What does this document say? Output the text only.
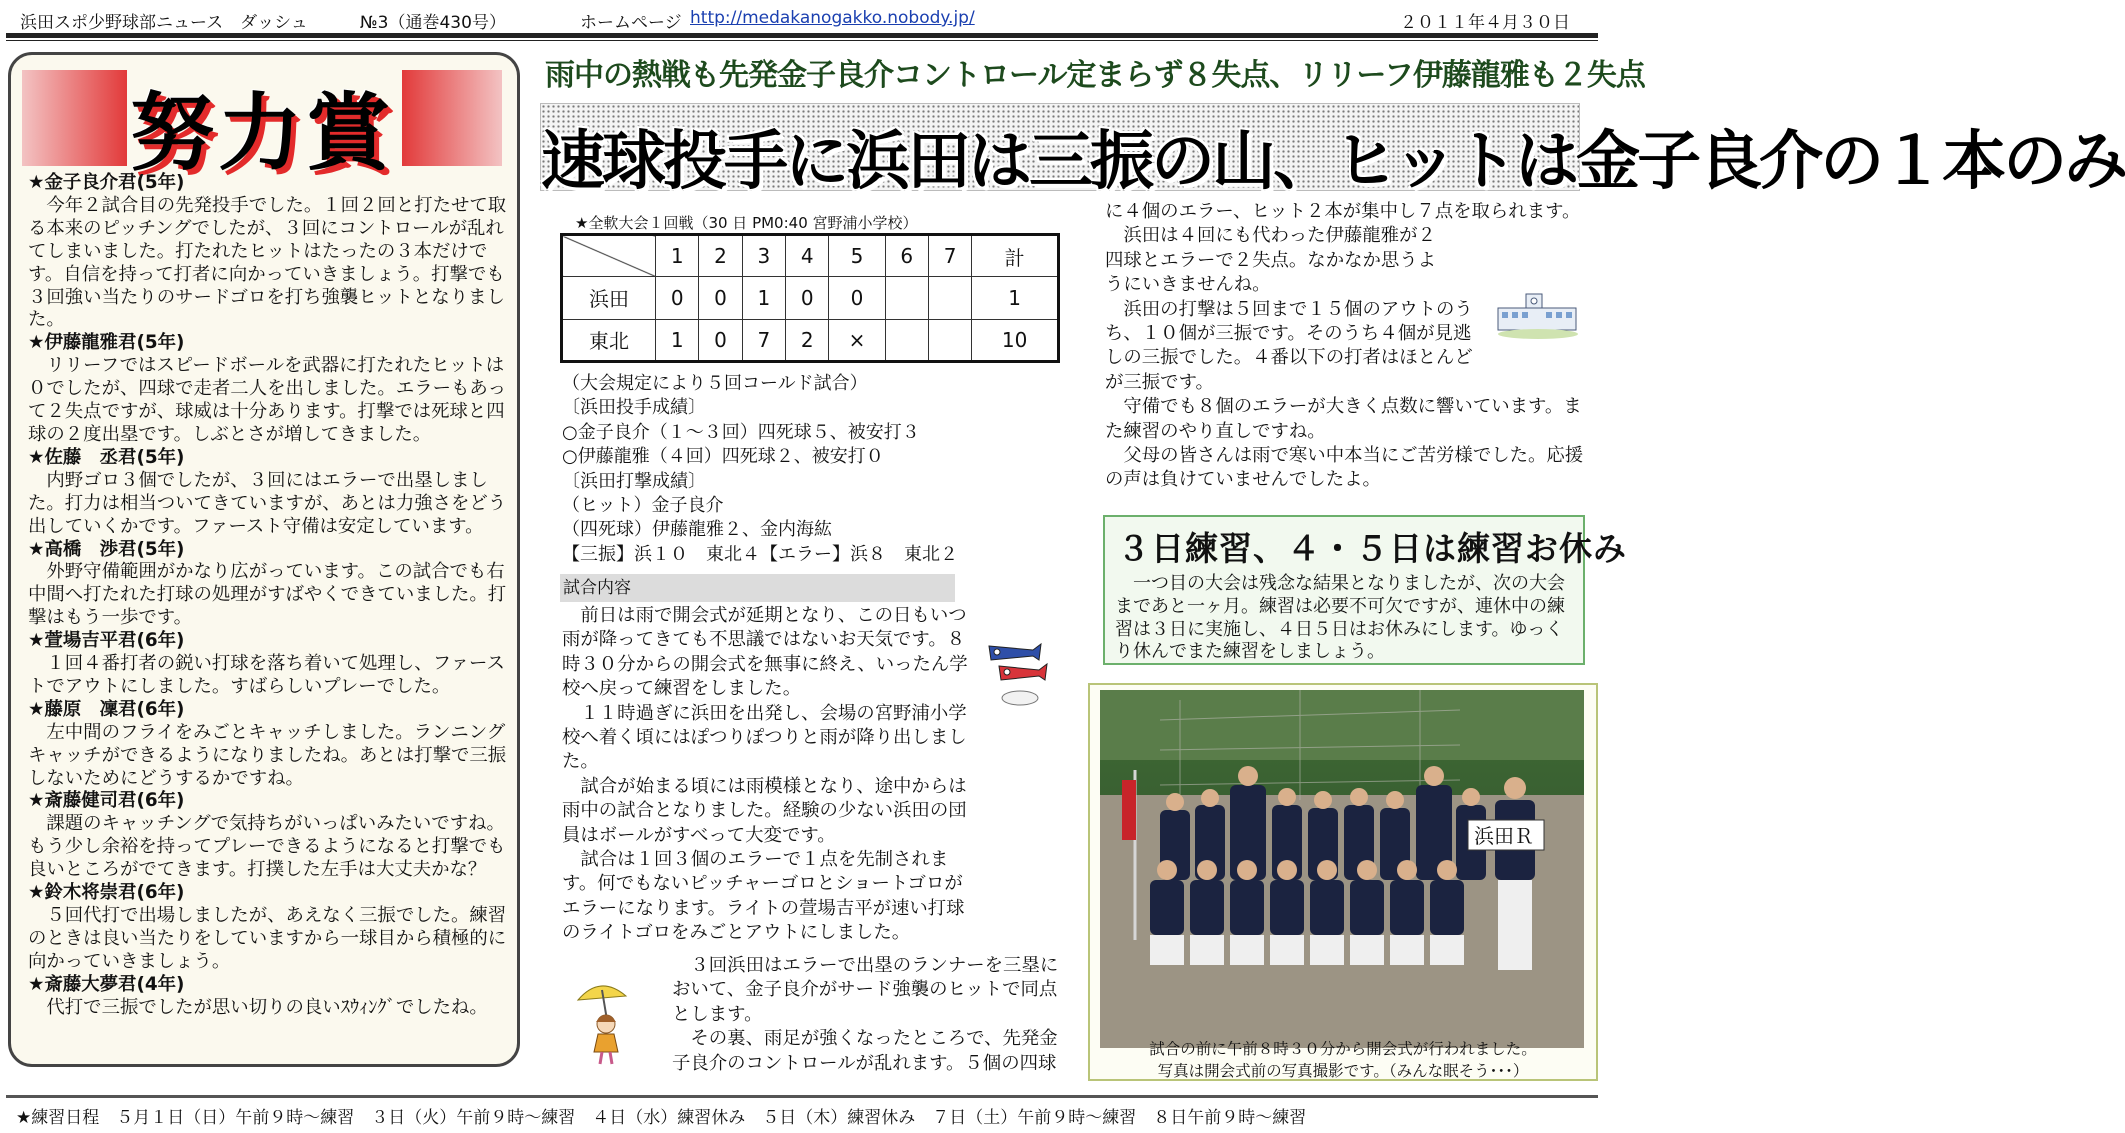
浜田スポ少野球部ニュース　ダッシュ	№3（通巻430号）	ホームページ http://medakanogakko.nobody.jp/	２０１１年４月３０日
努力賞
★金子良介君(5年)
今年２試合目の先発投手でした。１回２回と打たせて取る本来のピッチングでしたが、３回にコントロールが乱れてしまいました。打たれたヒットはたったの３本だけです。自信を持って打者に向かっていきましょう。打撃でも３回強い当たりのサードゴロを打ち強襲ヒットとなりました。
★伊藤龍雅君(5年)
リリーフではスピードボールを武器に打たれたヒットは０でしたが、四球で走者二人を出しました。エラーもあって２失点ですが、球威は十分あります。打撃では死球と四球の２度出塁です。しぶとさが増してきました。
★佐藤　丞君(5年)
内野ゴロ３個でしたが、３回にはエラーで出塁しました。打力は相当ついてきていますが、あとは力強さをどう出していくかです。ファースト守備は安定しています。
★高橋　渉君(5年)
外野守備範囲がかなり広がっています。この試合でも右中間へ打たれた打球の処理がすばやくできていました。打撃はもう一歩です。
★萱場吉平君(6年)
１回４番打者の鋭い打球を落ち着いて処理し、ファーストでアウトにしました。すばらしいプレーでした。
★藤原　凜君(6年)
左中間のフライをみごとキャッチしました。ランニングキャッチができるようになりましたね。あとは打撃で三振しないためにどうするかですね。
★斎藤健司君(6年)
課題のキャッチングで気持ちがいっぱいみたいですね。もう少し余裕を持ってプレーできるようになると打撃でも良いところがでてきます。打撲した左手は大丈夫かな？
★鈴木将崇君(6年)
５回代打で出場しましたが、あえなく三振でした。練習のときは良い当たりをしていますから一球目から積極的に向かっていきましょう。
★斎藤大夢君(4年)
代打で三振でしたが思い切りの良いｽｳｨﾝｸﾞでしたね。
雨中の熱戦も先発金子良介コントロール定まらず８失点、リリーフ伊藤龍雅も２失点
速球投手に浜田は三振の山、ヒットは金子良介の１本のみ
★全軟大会１回戦（30 日 PM0:40 宮野浦小学校）
	1	2	3	4	5	6	7	計
浜田	0	0	1	0	0			1
東北	1	0	7	2	×			10
（大会規定により５回コールド試合）
〔浜田投手成績〕
○金子良介（１～３回）四死球５、被安打３
○伊藤龍雅（４回）四死球２、被安打０
〔浜田打撃成績〕
（ヒット）金子良介
（四死球）伊藤龍雅２、金内海紘
【三振】浜１０　東北４【エラー】浜８　東北２
試合内容
前日は雨で開会式が延期となり、この日もいつ雨が降ってきても不思議ではないお天気です。８時３０分からの開会式を無事に終え、いったん学校へ戻って練習をしました。
１１時過ぎに浜田を出発し、会場の宮野浦小学校へ着く頃にはぽつりぽつりと雨が降り出しました。
試合が始まる頃には雨模様となり、途中からは雨中の試合となりました。経験の少ない浜田の団員はボールがすべって大変です。
試合は１回３個のエラーで１点を先制されます。何でもないピッチャーゴロとショートゴロがエラーになります。ライトの萱場吉平が速い打球のライトゴロをみごとアウトにしました。
３回浜田はエラーで出塁のランナーを三塁において、金子良介がサード強襲のヒットで同点とします。
その裏、雨足が強くなったところで、先発金子良介のコントロールが乱れます。５個の四球
に４個のエラー、ヒット２本が集中し７点を取られます。
浜田は４回にも代わった伊藤龍雅が２四球とエラーで２失点。なかなか思うようにいきませんね。
浜田の打撃は５回まで１５個のアウトのうち、１０個が三振です。そのうち４個が見逃しの三振でした。４番以下の打者はほとんどが三振です。
守備でも８個のエラーが大きく点数に響いています。また練習のやり直しですね。
父母の皆さんは雨で寒い中本当にご苦労様でした。応援の声は負けていませんでしたよ。
３日練習、４・５日は練習お休み
一つ目の大会は残念な結果となりましたが、次の大会まであと一ヶ月。練習は必要不可欠ですが、連休中の練習は３日に実施し、４日５日はお休みにします。ゆっくり休んでまた練習をしましょう。
浜田Ｒ
試合の前に午前８時３０分から開会式が行われました。
写真は開会式前の写真撮影です。（みんな眠そう･･･）
★練習日程　５月１日（日）午前９時～練習　３日（火）午前９時～練習　４日（水）練習休み　５日（木）練習休み　７日（土）午前９時～練習　８日午前９時～練習
